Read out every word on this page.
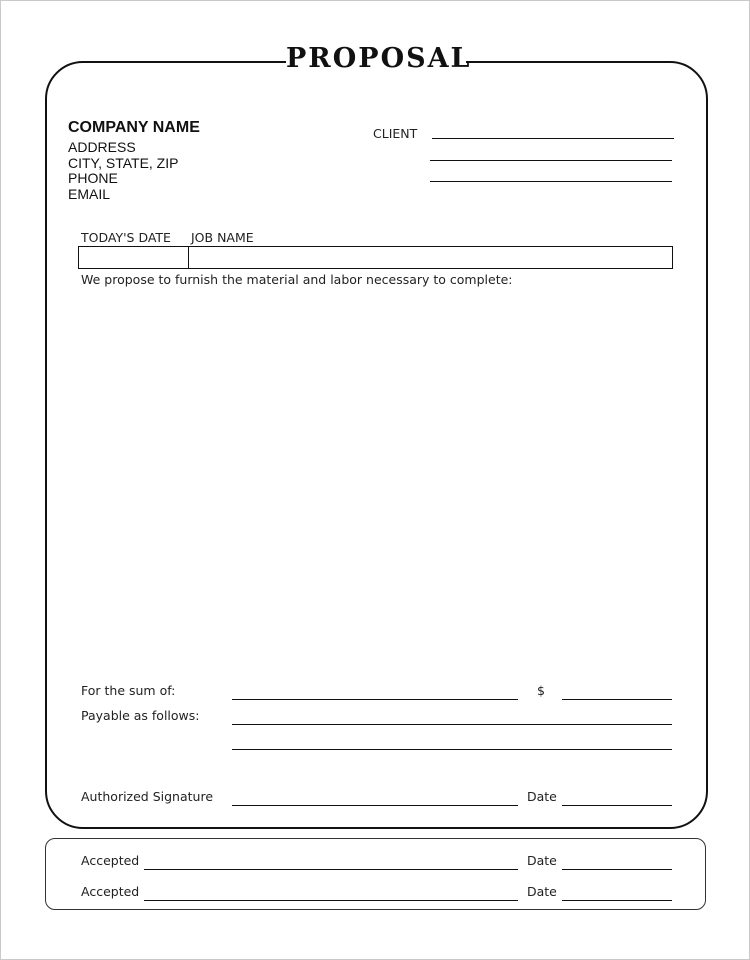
PROPOSAL
COMPANY NAME
ADDRESS
CITY, STATE, ZIP
PHONE
EMAIL
CLIENT
TODAY'S DATE JOB NAME
We propose to furnish the material and labor necessary to complete:
For the sum of:	$
Payable as follows:
Authorized Signature	Date
Accepted	Date
Accepted	Date
